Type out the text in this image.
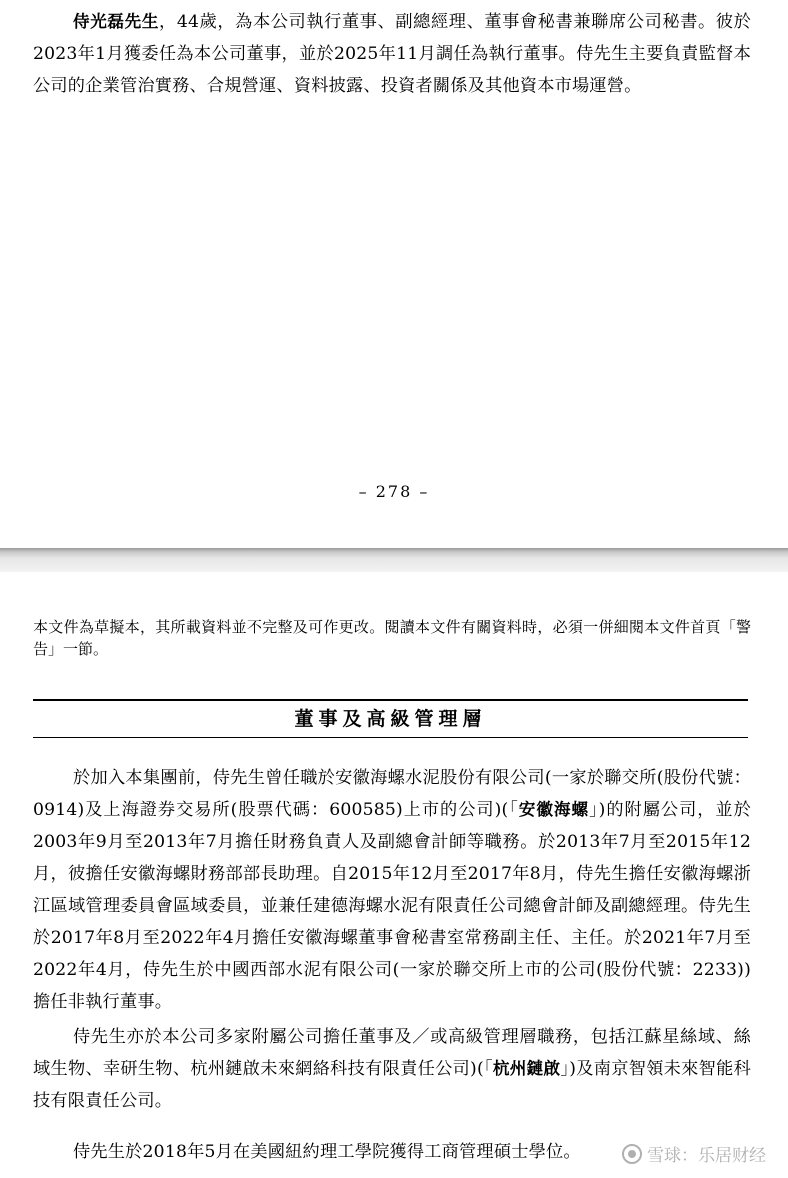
侍光磊先生，44歲，為本公司執行董事、副總經理、董事會秘書兼聯席公司秘書。彼於2023年1月獲委任為本公司董事，並於2025年11月調任為執行董事。侍先生主要負責監督本公司的企業管治實務、合規營運、資料披露、投資者關係及其他資本市場運營。

– 278 –

本文件為草擬本，其所載資料並不完整及可作更改。閱讀本文件有關資料時，必須一併細閱本文件首頁「警告」一節。

董事及高級管理層

於加入本集團前，侍先生曾任職於安徽海螺水泥股份有限公司(一家於聯交所(股份代號：0914)及上海證券交易所(股票代碼：600585)上市的公司)(「安徽海螺」)的附屬公司，並於2003年9月至2013年7月擔任財務負責人及副總會計師等職務。於2013年7月至2015年12月，彼擔任安徽海螺財務部部長助理。自2015年12月至2017年8月，侍先生擔任安徽海螺浙江區域管理委員會區域委員，並兼任建德海螺水泥有限責任公司總會計師及副總經理。侍先生於2017年8月至2022年4月擔任安徽海螺董事會秘書室常務副主任、主任。於2021年7月至2022年4月，侍先生於中國西部水泥有限公司(一家於聯交所上市的公司(股份代號：2233))擔任非執行董事。

侍先生亦於本公司多家附屬公司擔任董事及／或高級管理層職務，包括江蘇星絲域、絲域生物、幸研生物、杭州鏈啟未來網絡科技有限責任公司)(「杭州鏈啟」)及南京智領未來智能科技有限責任公司。

侍先生於2018年5月在美國紐約理工學院獲得工商管理碩士學位。	雪球：乐居财经
